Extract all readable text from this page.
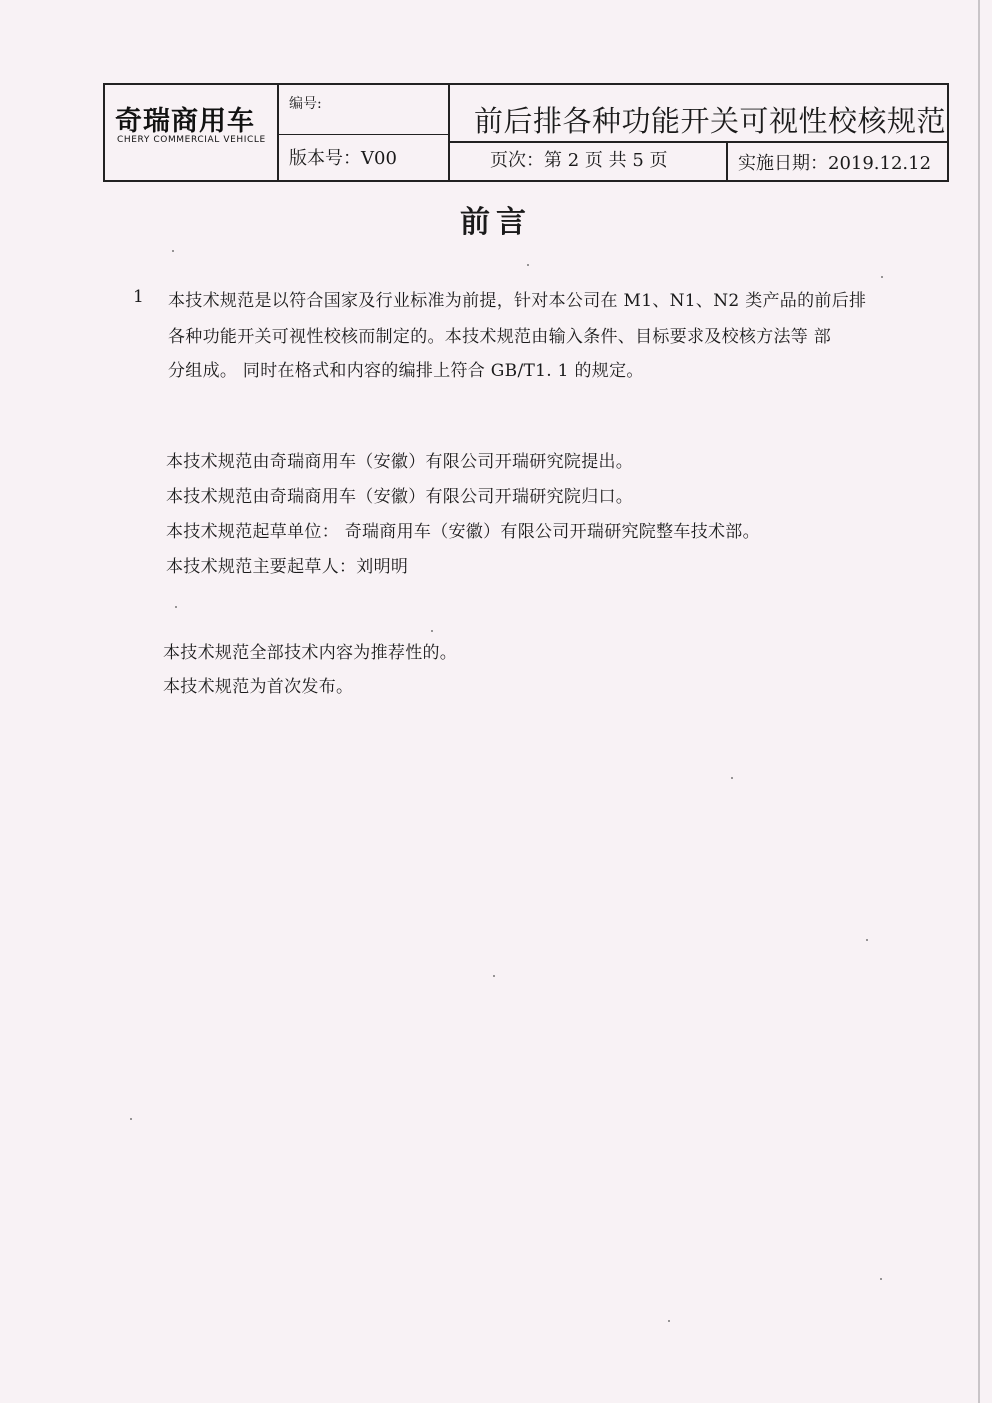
奇瑞商用车
CHERY COMMERCIAL VEHICLE
编号:
版本号：V00
前后排各种功能开关可视性校核规范
页次：第 2 页 共 5 页	实施日期：2019.12.12
前言
1 本技术规范是以符合国家及行业标准为前提，针对本公司在 M1、N1、N2 类产品的前后排
各种功能开关可视性校核而制定的。本技术规范由输入条件、目标要求及校核方法等 部
分组成。 同时在格式和内容的编排上符合 GB/T1. 1 的规定。
本技术规范由奇瑞商用车（安徽）有限公司开瑞研究院提出。
本技术规范由奇瑞商用车（安徽）有限公司开瑞研究院归口。
本技术规范起草单位： 奇瑞商用车（安徽）有限公司开瑞研究院整车技术部。
本技术规范主要起草人：刘明明
本技术规范全部技术内容为推荐性的。
本技术规范为首次发布。
